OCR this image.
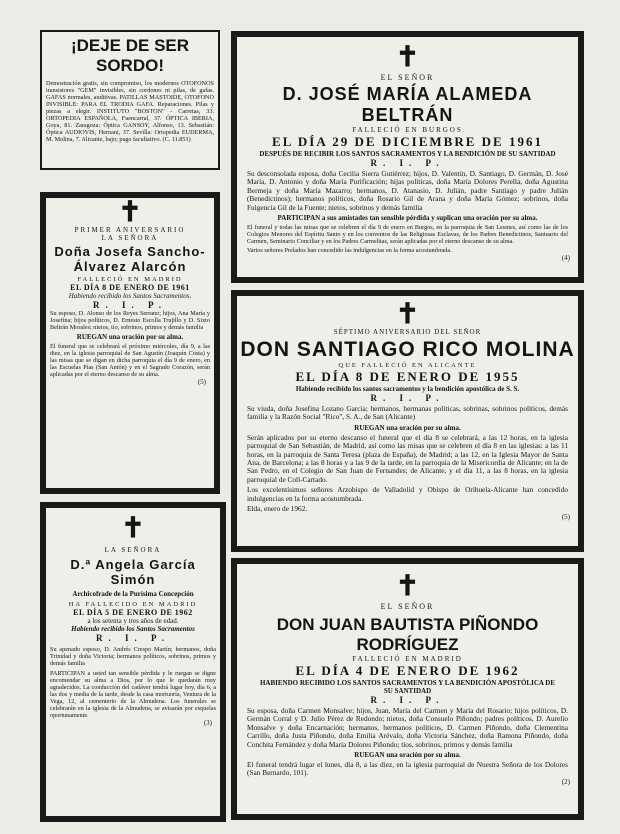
¡DEJE DE SER SORDO!
Demostración gratis, sin compromiso, los modernos OTOFONOS transistores "GEM" invisibles, sin cordones ni pilas, de gafas. GAFAS normales, auditivas. PATILLAS MASTOIDE, OTOFONO INVISIBLE: PARA EL TRODIA GAFA. Reparaciones. Pilas y piezas a elegir. INSTITUTO "BOSTON" - Carretas, 33. ORTOPEDIA ESPAÑOLA, Fuencarral, 37. ÓPTICA IBERIA, Goya, 81. Zaragoza: Óptica GANSOY, Alfonso, 13. Sebastián: Óptica AUDIOVIS, Hernani, 37. Sevilla: Ortopedia EUDERMA, M. Molina, 7. Alicante, bajo; pago facultativo. (C. 11.851)
✝
PRIMER ANIVERSARIO
LA SEÑORA
Doña Josefa Sancho-Álvarez Alarcón
FALLECIÓ EN MADRID
EL DÍA 8 DE ENERO DE 1961
Habiendo recibido los Santos Sacramentos.
R. I. P.
Su esposo, D. Alonso de los Reyes Serrano; hijos, Ana María y Josefina; hijos políticos, D. Ernesto Escolla Trujillo y D. Sixto Beltrán Morales; nietos, tío, sobrinos, primos y demás familia
RUEGAN una oración por su alma.
El funeral que se celebrará el próximo miércoles, día 9, a las diez, en la iglesia parroquial de San Agustín (Joaquín Costa) y las misas que se digan en dicha parroquia el día 9 de enero, en las Escuelas Pías (San Antón) y en el Sagrado Corazón, serán aplicadas por el eterno descanso de su alma.
(5)
✝
LA SEÑORA
D.ª Angela García Simón
Archicofrade de la Purísima Concepción
HA FALLECIDO EN MADRID
EL DÍA 5 DE ENERO DE 1962
a los setenta y tres años de edad.
Habiendo recibido los Santos Sacramentos
R. I. P.
Su apenado esposo, D. Andrés Crespo Martín; hermanos, doña Trinidad y doña Victoria; hermanos políticos, sobrinos, primos y demás familia
PARTICIPAN a usted tan sensible pérdida y le ruegan se digne encomendar su alma a Dios, por lo que le quedarán muy agradecidos. La conducción del cadáver tendrá lugar hoy, día 6, a las dos y media de la tarde, desde la casa mortuoria, Ventura de la Vega, 12, al cementerio de la Almudena. Los funerales se celebrarán en la iglesia de la Almudena, se avisarán por esquelas oportunamente.
(3)
✝
EL SEÑOR
D. JOSÉ MARÍA ALAMEDA BELTRÁN
FALLECIÓ EN BURGOS
EL DÍA 29 DE DICIEMBRE DE 1961
DESPUÉS DE RECIBIR LOS SANTOS SACRAMENTOS Y LA BENDICIÓN DE SU SANTIDAD
R. I. P.
Su desconsolada esposa, doña Cecilia Sierra Gutiérrez; hijos, D. Valentín, D. Santiago, D. Germán, D. José María, D. Antonio y doña María Purificación; hijas políticas, doña María Dolores Perella, doña Agustina Bermeja y doña María Mazarro; hermanos, D. Atanasio, D. Julián, padre Santiago y padre Julián (Benedictinos); hermanos políticos, doña Rosario Gil de Arana y doña María Gómez; sobrinos, doña Fulgencia Gil de la Fuente; nietos, sobrinos y demás familia
PARTICIPAN a sus amistades tan sensible pérdida y suplican una oración por su alma.
El funeral y todas las misas que se celebren el día 9 de enero en Burgos, en la parroquia de San Lesmes, así como las de los Colegios Menores del Espíritu Santo y en los conventos de las Religiosas Esclavas, de los Padres Benedictinos, Santuario del Carmen, Seminario Conciliar y en los Padres Carmelitas, serán aplicadas por el eterno descanso de su alma.
Varios señores Prelados han concedido las indulgencias en la forma acostumbrada.
(4)
✝
SÉPTIMO ANIVERSARIO DEL SEÑOR
DON SANTIAGO RICO MOLINA
QUE FALLECIÓ EN ALICANTE
EL DÍA 8 DE ENERO DE 1955
Habiendo recibido los santos sacramentos y la bendición apostólica de S. S.
R. I. P.
Su viuda, doña Josefina Lozano García; hermanos, hermanas políticas, sobrinas, sobrinos políticos, demás familia y la Razón Social "Rico", S. A., de San (Alicante)
RUEGAN una oración por su alma.
Serán aplicados por su eterno descanso el funeral que el día 8 se celebrará, a las 12 horas, en la iglesia parroquial de San Sebastián, de Madrid, así como las misas que se celebren el día 8 en las iglesias: a las 11 horas, en la parroquia de Santa Teresa (plaza de España), de Madrid; a las 12, en la Iglesia Mayor de Santa Ana, de Barcelona; a las 8 horas y a las 9 de la tarde, en la parroquia de la Misericordia de Alicante; en la de San Pedro, en el Colegio de San Juan de Fernandes; de Alicante, y el día 11, a las 8 horas, en la iglesia parroquial de Coll-Cartado.
Los excelentísimos señores Arzobispo de Valladolid y Obispo de Orihuela-Alicante han concedido indulgencias en la forma acostumbrada.
Elda, enero de 1962.
(5)
✝
EL SEÑOR
DON JUAN BAUTISTA PIÑONDO RODRÍGUEZ
FALLECIÓ EN MADRID
EL DÍA 4 DE ENERO DE 1962
HABIENDO RECIBIDO LOS SANTOS SACRAMENTOS Y LA BENDICIÓN APOSTÓLICA DE SU SANTIDAD
R. I. P.
Su esposa, doña Carmen Monsalve; hijos, Juan, María del Carmen y María del Rosario; hijos políticos, D. Germán Corral y D. Julio Pérez de Redondo; nietos, doña Consuelo Piñondo; padres políticos, D. Aurelio Monsalve y doña Encarnación; hermanos, hermanos políticos, D. Carmen Piñondo, doña Clementina Carrillo, doña Justa Piñondo, doña Emilia Arévalo, doña Victoria Sánchez, doña Ramona Piñondo, doña Conchita Fernández y doña María Dolores Piñondo; tíos, sobrinos, primos y demás familia
RUEGAN una oración por su alma.
El funeral tendrá lugar el lunes, día 8, a las diez, en la iglesia parroquial de Nuestra Señora de los Dolores (San Bernardo, 101).
(2)
